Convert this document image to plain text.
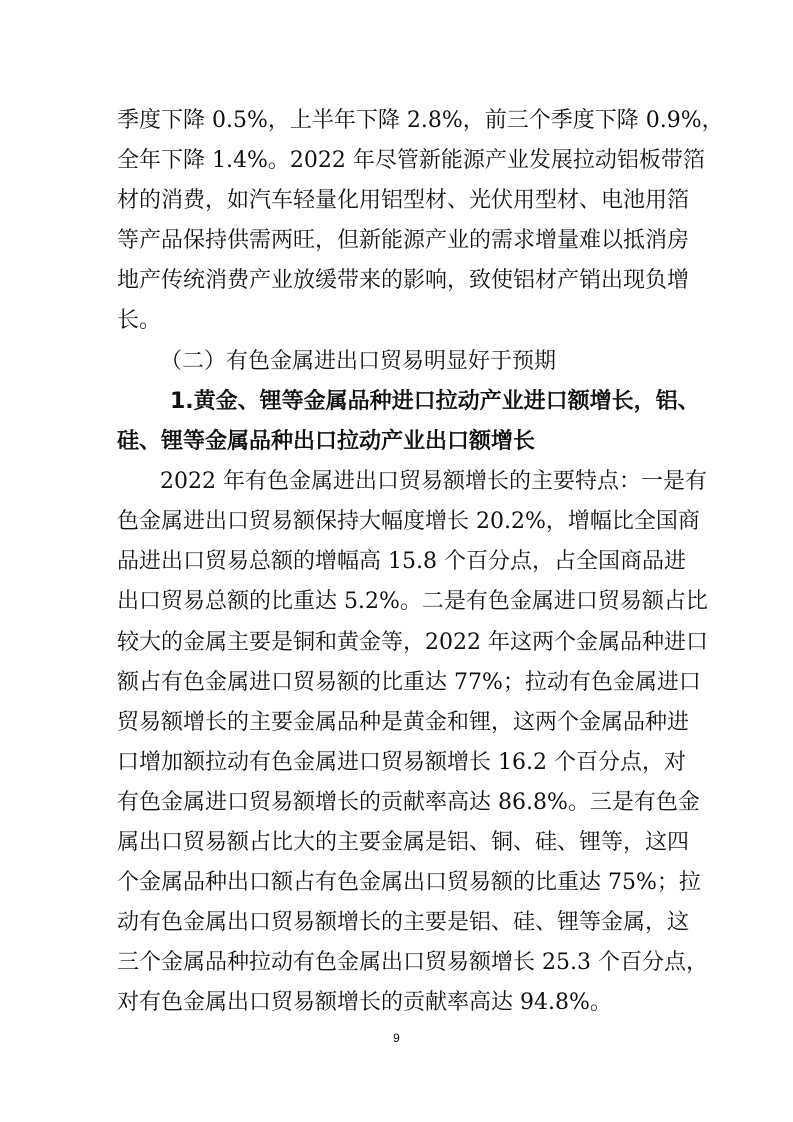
季度下降 0.5%，上半年下降 2.8%，前三个季度下降 0.9%，
全年下降 1.4%。2022 年尽管新能源产业发展拉动铝板带箔
材的消费，如汽车轻量化用铝型材、光伏用型材、电池用箔
等产品保持供需两旺，但新能源产业的需求增量难以抵消房
地产传统消费产业放缓带来的影响，致使铝材产销出现负增
长。
（二）有色金属进出口贸易明显好于预期
1.黄金、锂等金属品种进口拉动产业进口额增长，铝、
硅、锂等金属品种出口拉动产业出口额增长
2022 年有色金属进出口贸易额增长的主要特点：一是有
色金属进出口贸易额保持大幅度增长 20.2%，增幅比全国商
品进出口贸易总额的增幅高 15.8 个百分点，占全国商品进
出口贸易总额的比重达 5.2%。二是有色金属进口贸易额占比
较大的金属主要是铜和黄金等，2022 年这两个金属品种进口
额占有色金属进口贸易额的比重达 77%；拉动有色金属进口
贸易额增长的主要金属品种是黄金和锂，这两个金属品种进
口增加额拉动有色金属进口贸易额增长 16.2 个百分点，对
有色金属进口贸易额增长的贡献率高达 86.8%。三是有色金
属出口贸易额占比大的主要金属是铝、铜、硅、锂等，这四
个金属品种出口额占有色金属出口贸易额的比重达 75%；拉
动有色金属出口贸易额增长的主要是铝、硅、锂等金属，这
三个金属品种拉动有色金属出口贸易额增长 25.3 个百分点，
对有色金属出口贸易额增长的贡献率高达 94.8%。
9
